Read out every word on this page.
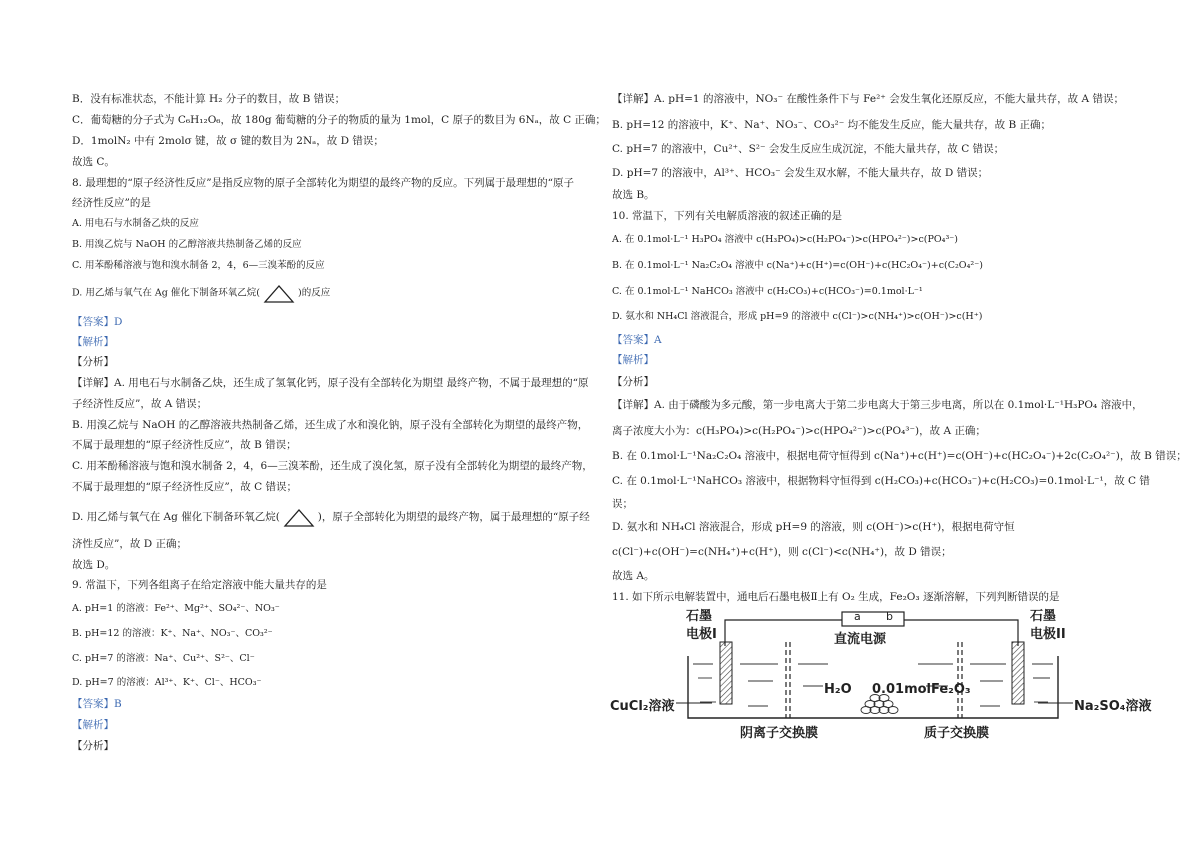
B．没有标准状态，不能计算 H₂ 分子的数目，故 B 错误；
C．葡萄糖的分子式为 C₆H₁₂O₆，故 180g 葡萄糖的分子的物质的量为 1mol，C 原子的数目为 6Nₐ，故 C 正确；
D．1molN₂ 中有 2molσ 键，故 σ 键的数目为 2Nₐ，故 D 错误；
故选 C。
8. 最理想的“原子经济性反应”是指反应物的原子全部转化为期望的最终产物的反应。下列属于最理想的“原子
经济性反应”的是
A. 用电石与水制备乙炔的反应
B. 用溴乙烷与 NaOH 的乙醇溶液共热制备乙烯的反应
C. 用苯酚稀溶液与饱和溴水制备 2，4，6—三溴苯酚的反应
D. 用乙烯与氧气在 Ag 催化下制备环氧乙烷(	)的反应
【答案】D
【解析】
【分析】
【详解】A. 用电石与水制备乙炔，还生成了氢氧化钙，原子没有全部转化为期望 最终产物，不属于最理想的“原
子经济性反应”，故 A 错误；
B. 用溴乙烷与 NaOH 的乙醇溶液共热制备乙烯，还生成了水和溴化钠，原子没有全部转化为期望的最终产物，
不属于最理想的“原子经济性反应”，故 B 错误；
C. 用苯酚稀溶液与饱和溴水制备 2，4，6—三溴苯酚，还生成了溴化氢，原子没有全部转化为期望的最终产物，
不属于最理想的“原子经济性反应”，故 C 错误；
D. 用乙烯与氧气在 Ag 催化下制备环氧乙烷(	)，原子全部转化为期望的最终产物，属于最理想的“原子经
济性反应”，故 D 正确；
故选 D。
9. 常温下，下列各组离子在给定溶液中能大量共存的是
A. pH=1 的溶液：Fe²⁺、Mg²⁺、SO₄²⁻、NO₃⁻
B. pH=12 的溶液：K⁺、Na⁺、NO₃⁻、CO₃²⁻
C. pH=7 的溶液：Na⁺、Cu²⁺、S²⁻、Cl⁻
D. pH=7 的溶液：Al³⁺、K⁺、Cl⁻、HCO₃⁻
【答案】B
【解析】
【分析】
【详解】A. pH=1 的溶液中，NO₃⁻ 在酸性条件下与 Fe²⁺ 会发生氧化还原反应，不能大量共存，故 A 错误；
B. pH=12 的溶液中，K⁺、Na⁺、NO₃⁻、CO₃²⁻ 均不能发生反应，能大量共存，故 B 正确；
C. pH=7 的溶液中，Cu²⁺、S²⁻ 会发生反应生成沉淀，不能大量共存，故 C 错误；
D. pH=7 的溶液中，Al³⁺、HCO₃⁻ 会发生双水解，不能大量共存，故 D 错误；
故选 B。
10. 常温下，下列有关电解质溶液的叙述正确的是
A. 在 0.1mol·L⁻¹ H₃PO₄ 溶液中 c(H₃PO₄)>c(H₂PO₄⁻)>c(HPO₄²⁻)>c(PO₄³⁻)
B. 在 0.1mol·L⁻¹ Na₂C₂O₄ 溶液中 c(Na⁺)+c(H⁺)=c(OH⁻)+c(HC₂O₄⁻)+c(C₂O₄²⁻)
C. 在 0.1mol·L⁻¹ NaHCO₃ 溶液中 c(H₂CO₃)+c(HCO₃⁻)=0.1mol·L⁻¹
D. 氨水和 NH₄Cl 溶液混合，形成 pH=9 的溶液中 c(Cl⁻)>c(NH₄⁺)>c(OH⁻)>c(H⁺)
【答案】A
【解析】
【分析】
【详解】A. 由于磷酸为多元酸，第一步电离大于第二步电离大于第三步电离，所以在 0.1mol·L⁻¹H₃PO₄ 溶液中，
离子浓度大小为：c(H₃PO₄)>c(H₂PO₄⁻)>c(HPO₄²⁻)>c(PO₄³⁻)，故 A 正确；
B. 在 0.1mol·L⁻¹Na₂C₂O₄ 溶液中，根据电荷守恒得到 c(Na⁺)+c(H⁺)=c(OH⁻)+c(HC₂O₄⁻)+2c(C₂O₄²⁻)，故 B 错误；
C. 在 0.1mol·L⁻¹NaHCO₃ 溶液中，根据物料守恒得到 c(H₂CO₃)+c(HCO₃⁻)+c(H₂CO₃)=0.1mol·L⁻¹，故 C 错
误；
D. 氨水和 NH₄Cl 溶液混合，形成 pH=9 的溶液，则 c(OH⁻)>c(H⁺)，根据电荷守恒
c(Cl⁻)+c(OH⁻)=c(NH₄⁺)+c(H⁺)，则 c(Cl⁻)<c(NH₄⁺)，故 D 错误；
故选 A。
11. 如下所示电解装置中，通电后石墨电极Ⅱ上有 O₂ 生成，Fe₂O₃ 逐渐溶解，下列判断错误的是
石墨
电极I
石墨
电极II
a b
直流电源
H₂O 0.01molFe₂O₃
CuCl₂溶液	Na₂SO₄溶液
阴离子交换膜	质子交换膜
